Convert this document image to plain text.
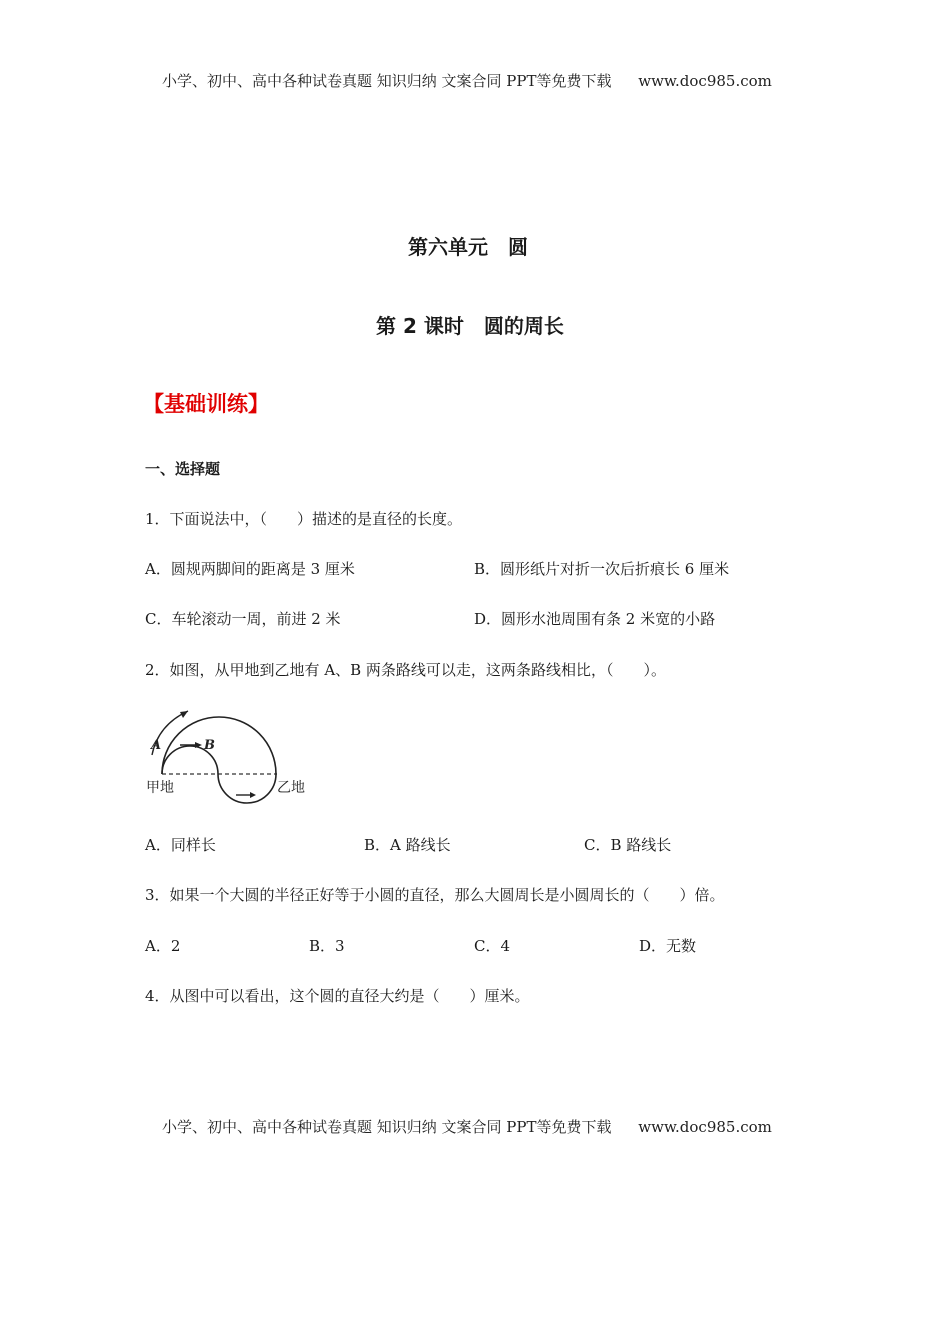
小学、初中、高中各种试卷真题 知识归纳 文案合同 PPT等免费下载 www.doc985.com
第六单元　圆
第 2 课时　圆的周长
【基础训练】
一、选择题
1．下面说法中，（　　）描述的是直径的长度。
A．圆规两脚间的距离是 3 厘米	B．圆形纸片对折一次后折痕长 6 厘米
C．车轮滚动一周，前进 2 米	D．圆形水池周围有条 2 米宽的小路
2．如图，从甲地到乙地有 A、B 两条路线可以走，这两条路线相比，（　　）。
A	B
甲地	乙地
A．同样长	B．A 路线长	C．B 路线长
3．如果一个大圆的半径正好等于小圆的直径，那么大圆周长是小圆周长的（　　）倍。
A．2	B．3	C．4	D．无数
4．从图中可以看出，这个圆的直径大约是（　　）厘米。
小学、初中、高中各种试卷真题 知识归纳 文案合同 PPT等免费下载 www.doc985.com
